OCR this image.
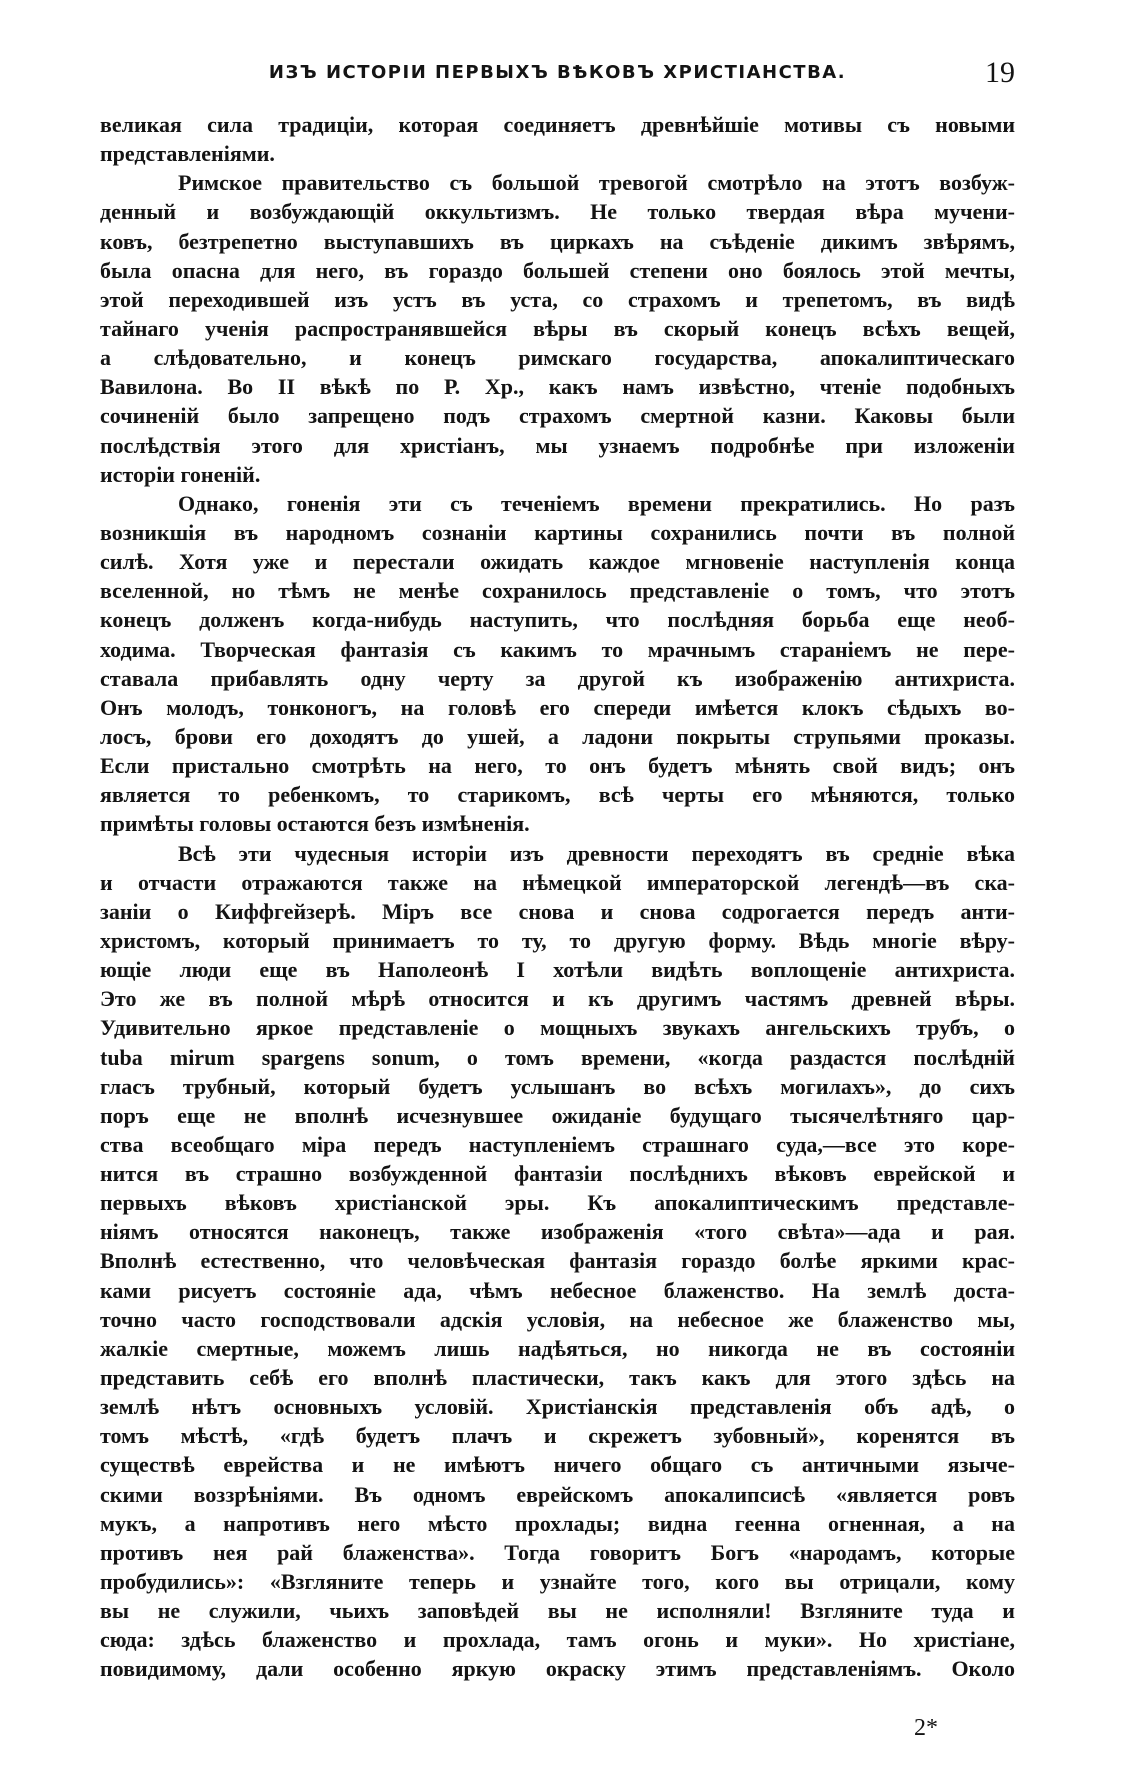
ИЗЪ ИСТОРІИ ПЕРВЫХЪ ВѢКОВЪ ХРИСТІАНСТВА.	19
великая сила традиціи, которая соединяетъ древнѣйшіе мотивы съ новыми
представленіями.
Римское правительство съ большой тревогой смотрѣло на этотъ возбуж-
денный и возбуждающій оккультизмъ. Не только твердая вѣра мучени-
ковъ, безтрепетно выступавшихъ въ циркахъ на съѣденіе дикимъ звѣрямъ,
была опасна для него, въ гораздо большей степени оно боялось этой мечты,
этой переходившей изъ устъ въ уста, со страхомъ и трепетомъ, въ видѣ
тайнаго ученія распространявшейся вѣры въ скорый конецъ всѣхъ вещей,
а слѣдовательно, и конецъ римскаго государства, апокалиптическаго
Вавилона. Во II вѣкѣ по Р. Хр., какъ намъ извѣстно, чтеніе подобныхъ
сочиненій было запрещено подъ страхомъ смертной казни. Каковы были
послѣдствія этого для христіанъ, мы узнаемъ подробнѣе при изложеніи
исторіи гоненій.
Однако, гоненія эти съ теченіемъ времени прекратились. Но разъ
возникшія въ народномъ сознаніи картины сохранились почти въ полной
силѣ. Хотя уже и перестали ожидать каждое мгновеніе наступленія конца
вселенной, но тѣмъ не менѣе сохранилось представленіе о томъ, что этотъ
конецъ долженъ когда-нибудь наступить, что послѣдняя борьба еще необ-
ходима. Творческая фантазія съ какимъ то мрачнымъ стараніемъ не пере-
ставала прибавлять одну черту за другой къ изображенію антихриста.
Онъ молодъ, тонконогъ, на головѣ его спереди имѣется клокъ сѣдыхъ во-
лосъ, брови его доходятъ до ушей, а ладони покрыты струпьями проказы.
Если пристально смотрѣть на него, то онъ будетъ мѣнять свой видъ; онъ
является то ребенкомъ, то старикомъ, всѣ черты его мѣняются, только
примѣты головы остаются безъ измѣненія.
Всѣ эти чудесныя исторіи изъ древности переходятъ въ средніе вѣка
и отчасти отражаются также на нѣмецкой императорской легендѣ—въ ска-
заніи о Киффгейзерѣ. Міръ все снова и снова содрогается передъ анти-
христомъ, который принимаетъ то ту, то другую форму. Вѣдь многіе вѣру-
ющіе люди еще въ Наполеонѣ I хотѣли видѣть воплощеніе антихриста.
Это же въ полной мѣрѣ относится и къ другимъ частямъ древней вѣры.
Удивительно яркое представленіе о мощныхъ звукахъ ангельскихъ трубъ, о
tuba mirum spargens sonum, о томъ времени, «когда раздастся послѣдній
гласъ трубный, который будетъ услышанъ во всѣхъ могилахъ», до сихъ
поръ еще не вполнѣ исчезнувшее ожиданіе будущаго тысячелѣтняго цар-
ства всеобщаго міра передъ наступленіемъ страшнаго суда,—все это коре-
нится въ страшно возбужденной фантазіи послѣднихъ вѣковъ еврейской и
первыхъ вѣковъ христіанской эры. Къ апокалиптическимъ представле-
ніямъ относятся наконецъ, также изображенія «того свѣта»—ада и рая.
Вполнѣ естественно, что человѣческая фантазія гораздо болѣе яркими крас-
ками рисуетъ состояніе ада, чѣмъ небесное блаженство. На землѣ доста-
точно часто господствовали адскія условія, на небесное же блаженство мы,
жалкіе смертные, можемъ лишь надѣяться, но никогда не въ состояніи
представить себѣ его вполнѣ пластически, такъ какъ для этого здѣсь на
землѣ нѣтъ основныхъ условій. Христіанскія представленія объ адѣ, о
томъ мѣстѣ, «гдѣ будетъ плачъ и скрежетъ зубовный», коренятся въ
существѣ еврейства и не имѣютъ ничего общаго съ античными языче-
скими воззрѣніями. Въ одномъ еврейскомъ апокалипсисѣ «является ровъ
мукъ, а напротивъ него мѣсто прохлады; видна геенна огненная, а на
противъ нея рай блаженства». Тогда говоритъ Богъ «народамъ, которые
пробудились»: «Взгляните теперь и узнайте того, кого вы отрицали, кому
вы не служили, чьихъ заповѣдей вы не исполняли! Взгляните туда и
сюда: здѣсь блаженство и прохлада, тамъ огонь и муки». Но христіане,
повидимому, дали особенно яркую окраску этимъ представленіямъ. Около
2*
